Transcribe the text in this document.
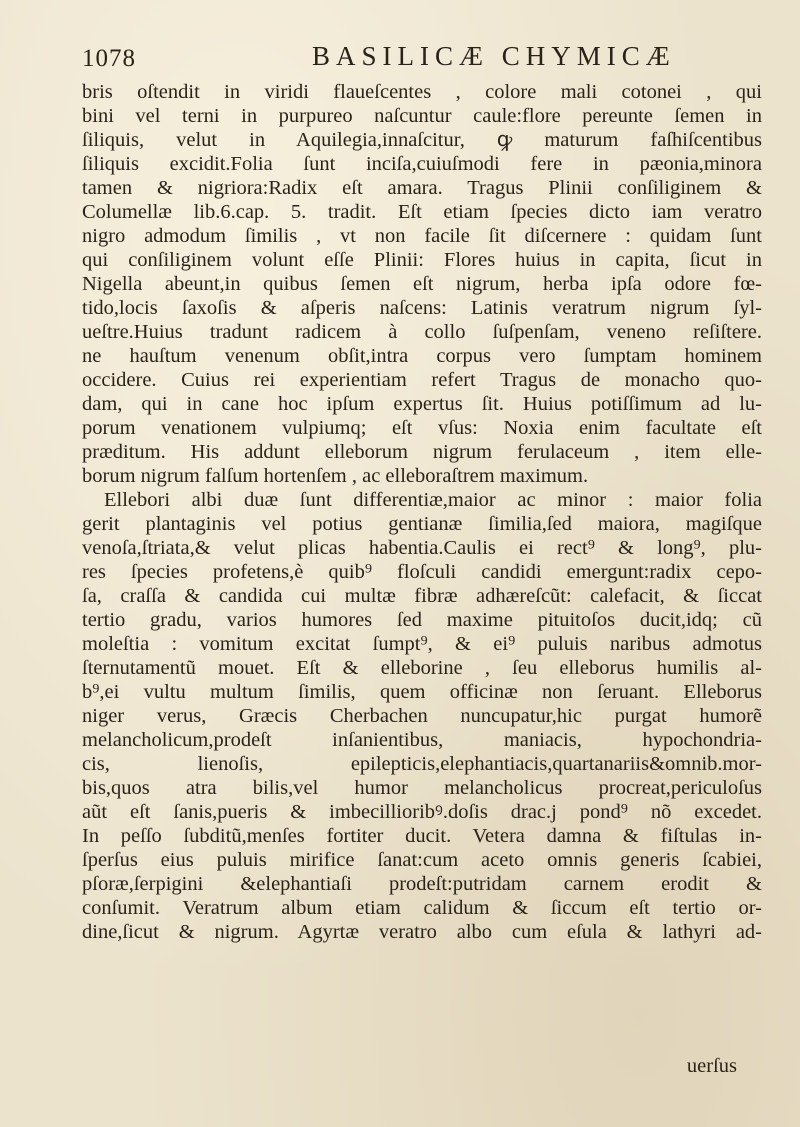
1078	BASILICÆ CHYMICÆ
bris oſtendit in viridi flaueſcentes , colore mali cotonei , qui
bini vel terni in purpureo naſcuntur caule:flore pereunte ſemen in
ſiliquis, velut in Aquilegia,innaſcitur, ꝙ maturum faſhiſcentibus
ſiliquis excidit.Folia ſunt inciſa,cuiuſmodi fere in pæonia,minora
tamen & nigriora:Radix eſt amara. Tragus Plinii conſiliginem &
Columellæ lib.6.cap. 5. tradit. Eſt etiam ſpecies dicto iam veratro
nigro admodum ſimilis , vt non facile ſit diſcernere : quidam ſunt
qui conſiliginem volunt eſſe Plinii: Flores huius in capita, ſicut in
Nigella abeunt,in quibus ſemen eſt nigrum, herba ipſa odore fœ-
tido,locis ſaxoſis & aſperis naſcens: Latinis veratrum nigrum ſyl-
ueſtre.Huius tradunt radicem à collo ſuſpenſam, veneno reſiſtere.
ne hauſtum venenum obſit,intra corpus vero ſumptam hominem
occidere. Cuius rei experientiam refert Tragus de monacho quo-
dam, qui in cane hoc ipſum expertus ſit. Huius potiſſimum ad lu-
porum venationem vulpiumq; eſt vſus: Noxia enim facultate eſt
præditum. His addunt elleborum nigrum ferulaceum , item elle-
borum nigrum falſum hortenſem , ac elleboraſtrem maximum.
Ellebori albi duæ ſunt differentiæ,maior ac minor : maior folia
gerit plantaginis vel potius gentianæ ſimilia,ſed maiora, magiſque
venoſa,ſtriata,& velut plicas habentia.Caulis ei rect⁹ & long⁹, plu-
res ſpecies profetens,è quib⁹ floſculi candidi emergunt:radix cepo-
ſa, craſſa & candida cui multæ fibræ adhæreſcũt: calefacit, & ſiccat
tertio gradu, varios humores ſed maxime pituitoſos ducit,idq; cũ
moleſtia : vomitum excitat ſumpt⁹, & ei⁹ puluis naribus admotus
ſternutamentũ mouet. Eſt & elleborine , ſeu elleborus humilis al-
b⁹,ei vultu multum ſimilis, quem officinæ non ſeruant. Elleborus
niger verus, Græcis Cherbachen nuncupatur,hic purgat humorẽ
melancholicum,prodeſt inſanientibus, maniacis, hypochondria-
cis, lienoſis, epilepticis,elephantiacis,quartanariis&omnib.mor-
bis,quos atra bilis,vel humor melancholicus procreat,periculoſus
aũt eſt ſanis,pueris & imbecillioribꝰ.doſis drac.j pond⁹ nõ excedet.
In peſſo ſubditũ,menſes fortiter ducit. Vetera damna & fiſtulas in-
ſperſus eius puluis mirifice ſanat:cum aceto omnis generis ſcabiei,
pſoræ,ſerpigini &elephantiaſi prodeſt:putridam carnem erodit &
conſumit. Veratrum album etiam calidum & ſiccum eſt tertio or-
dine,ſicut & nigrum. Agyrtæ veratro albo cum eſula & lathyri ad-
uerſus
